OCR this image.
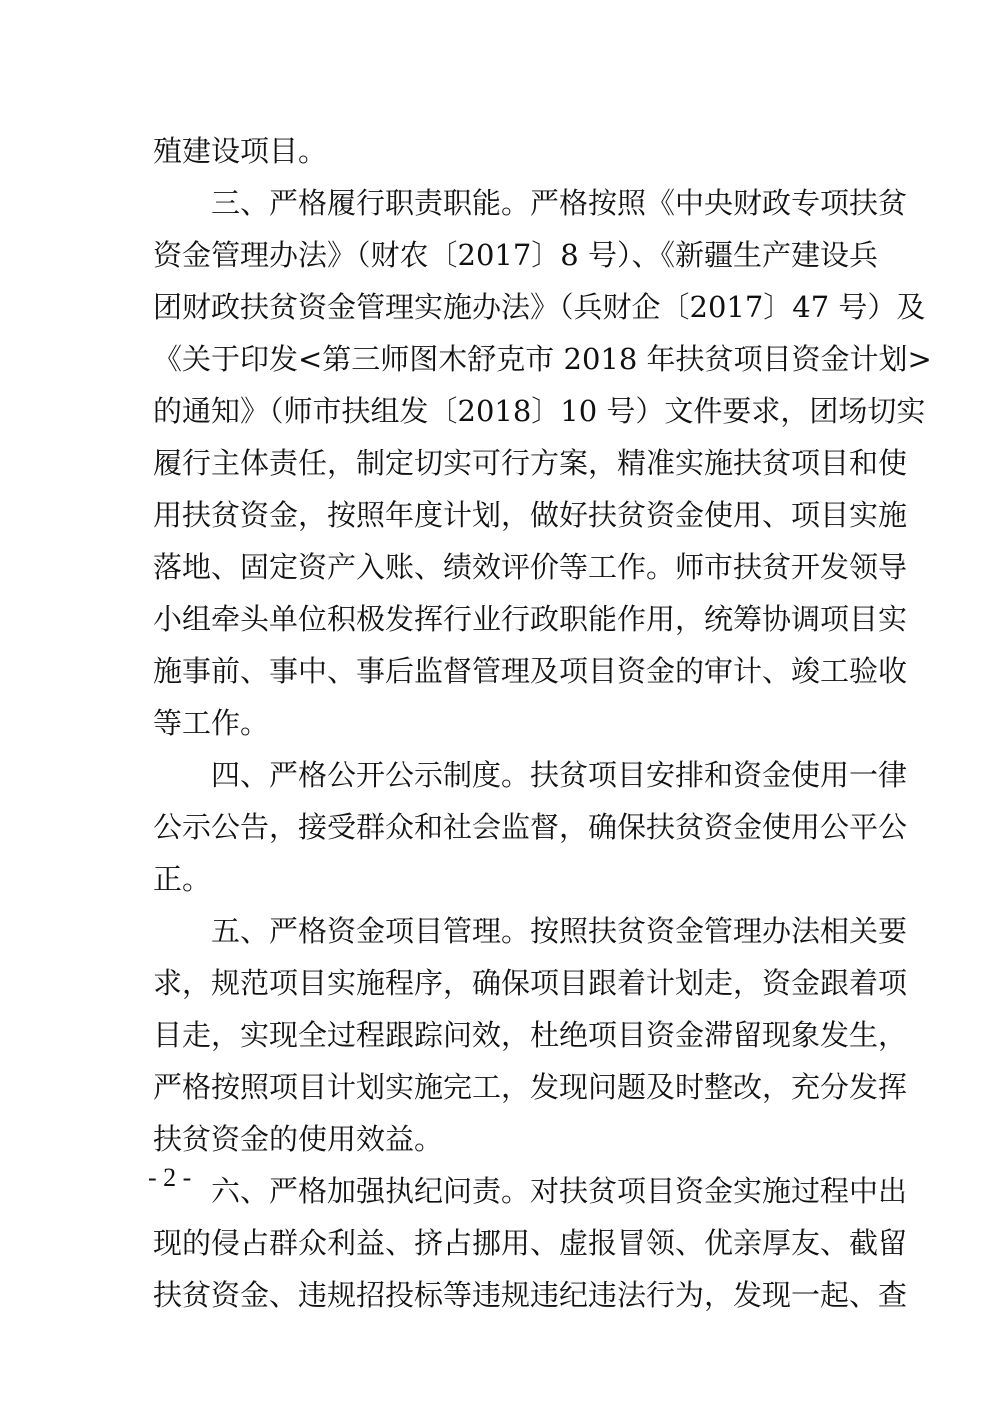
殖建设项目。
三、严格履行职责职能。严格按照《中央财政专项扶贫
资金管理办法》（财农〔2017〕8 号）、《新疆生产建设兵
团财政扶贫资金管理实施办法》（兵财企〔2017〕47 号）及
《关于印发<第三师图木舒克市 2018 年扶贫项目资金计划>
的通知》（师市扶组发〔2018〕10 号）文件要求，团场切实
履行主体责任，制定切实可行方案，精准实施扶贫项目和使
用扶贫资金，按照年度计划，做好扶贫资金使用、项目实施
落地、固定资产入账、绩效评价等工作。师市扶贫开发领导
小组牵头单位积极发挥行业行政职能作用，统筹协调项目实
施事前、事中、事后监督管理及项目资金的审计、竣工验收
等工作。
四、严格公开公示制度。扶贫项目安排和资金使用一律
公示公告，接受群众和社会监督，确保扶贫资金使用公平公
正。
五、严格资金项目管理。按照扶贫资金管理办法相关要
求，规范项目实施程序，确保项目跟着计划走，资金跟着项
目走，实现全过程跟踪问效，杜绝项目资金滞留现象发生，
严格按照项目计划实施完工，发现问题及时整改，充分发挥
扶贫资金的使用效益。
六、严格加强执纪问责。对扶贫项目资金实施过程中出
现的侵占群众利益、挤占挪用、虚报冒领、优亲厚友、截留
扶贫资金、违规招投标等违规违纪违法行为，发现一起、查
- 2 -
